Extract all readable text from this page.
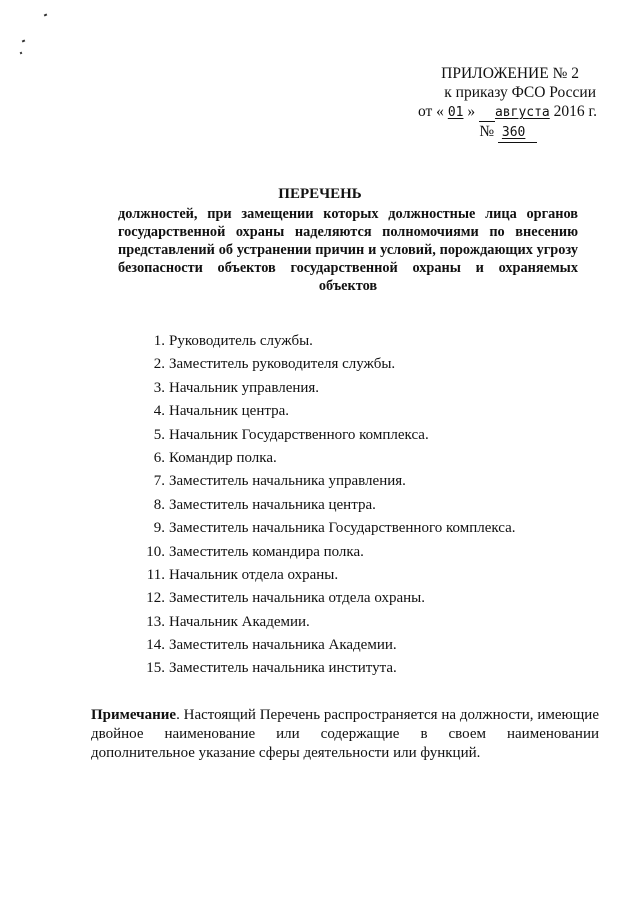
ПРИЛОЖЕНИЕ № 2
к приказу ФСО России
от « 01 » августа 2016 г.
№ 360
ПЕРЕЧЕНЬ
должностей, при замещении которых должностные лица органов государственной охраны наделяются полномочиями по внесению представлений об устранении причин и условий, порождающих угрозу безопасности объектов государственной охраны и охраняемых объектов
1. Руководитель службы.
2. Заместитель руководителя службы.
3. Начальник управления.
4. Начальник центра.
5. Начальник Государственного комплекса.
6. Командир полка.
7. Заместитель начальника управления.
8. Заместитель начальника центра.
9. Заместитель начальника Государственного комплекса.
10. Заместитель командира полка.
11. Начальник отдела охраны.
12. Заместитель начальника отдела охраны.
13. Начальник Академии.
14. Заместитель начальника Академии.
15. Заместитель начальника института.
Примечание. Настоящий Перечень распространяется на должности, имеющие двойное наименование или содержащие в своем наименовании дополнительное указание сферы деятельности или функций.
